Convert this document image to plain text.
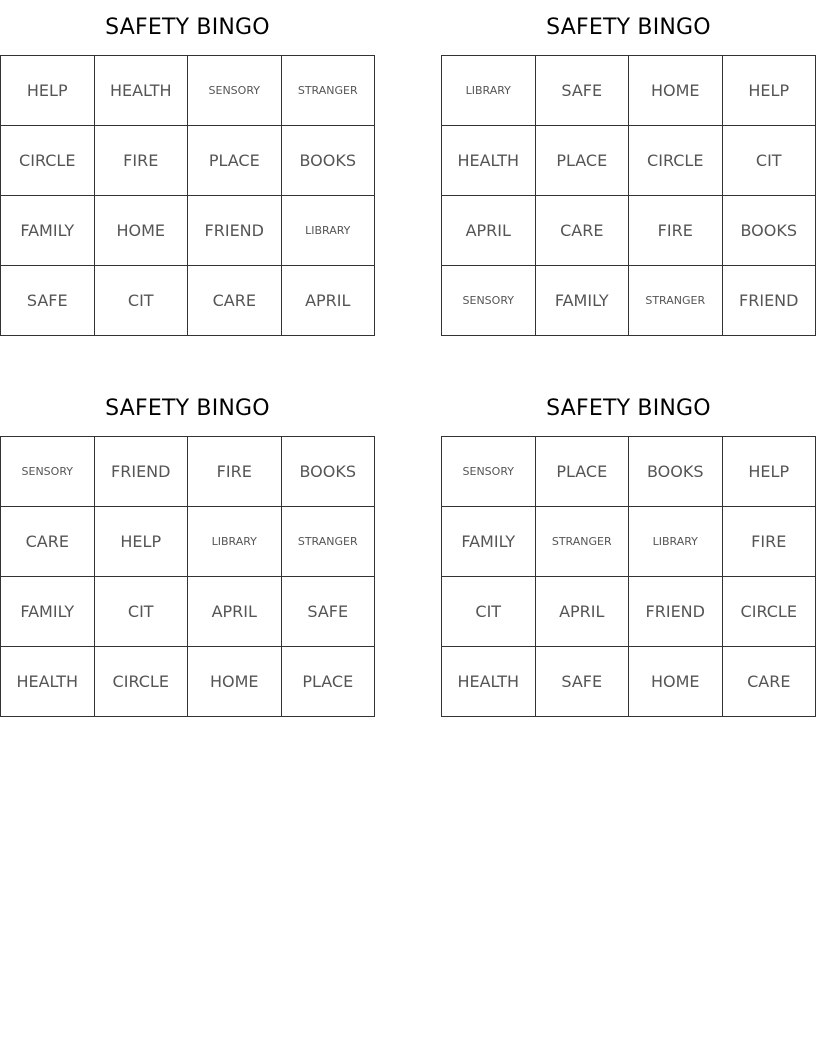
SAFETY BINGO
HELP	HEALTH	SENSORY	STRANGER
CIRCLE	FIRE	PLACE	BOOKS
FAMILY	HOME	FRIEND	LIBRARY
SAFE	CIT	CARE	APRIL
SAFETY BINGO
LIBRARY	SAFE	HOME	HELP
HEALTH	PLACE	CIRCLE	CIT
APRIL	CARE	FIRE	BOOKS
SENSORY	FAMILY	STRANGER	FRIEND
SAFETY BINGO
SENSORY	FRIEND	FIRE	BOOKS
CARE	HELP	LIBRARY	STRANGER
FAMILY	CIT	APRIL	SAFE
HEALTH	CIRCLE	HOME	PLACE
SAFETY BINGO
SENSORY	PLACE	BOOKS	HELP
FAMILY	STRANGER	LIBRARY	FIRE
CIT	APRIL	FRIEND	CIRCLE
HEALTH	SAFE	HOME	CARE
